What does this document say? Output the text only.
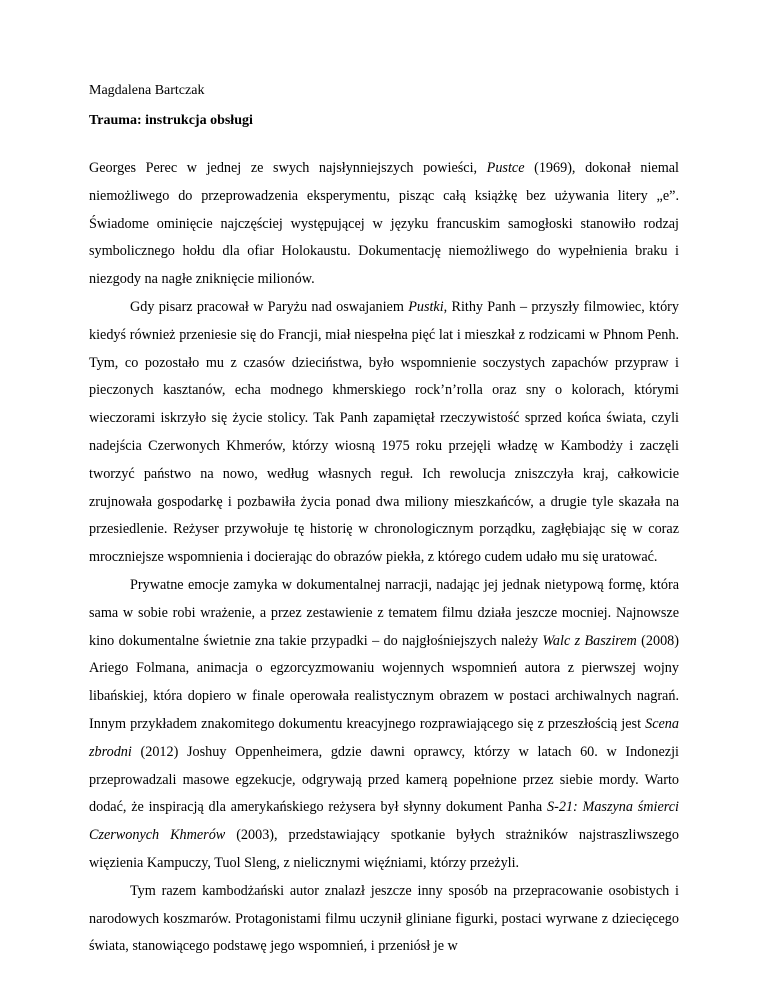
Magdalena Bartczak
Trauma: instrukcja obsługi

Georges Perec w jednej ze swych najsłynniejszych powieści, Pustce (1969), dokonał niemal niemożliwego do przeprowadzenia eksperymentu, pisząc całą książkę bez używania litery „e”. Świadome ominięcie najczęściej występującej w języku francuskim samogłoski stanowiło rodzaj symbolicznego hołdu dla ofiar Holokaustu. Dokumentację niemożliwego do wypełnienia braku i niezgody na nagłe zniknięcie milionów.

Gdy pisarz pracował w Paryżu nad oswajaniem Pustki, Rithy Panh – przyszły filmowiec, który kiedyś również przeniesie się do Francji, miał niespełna pięć lat i mieszkał z rodzicami w Phnom Penh. Tym, co pozostało mu z czasów dzieciństwa, było wspomnienie soczystych zapachów przypraw i pieczonych kasztanów, echa modnego khmerskiego rock’n’rolla oraz sny o kolorach, którymi wieczorami iskrzyło się życie stolicy. Tak Panh zapamiętał rzeczywistość sprzed końca świata, czyli nadejścia Czerwonych Khmerów, którzy wiosną 1975 roku przejęli władzę w Kambodży i zaczęli tworzyć państwo na nowo, według własnych reguł. Ich rewolucja zniszczyła kraj, całkowicie zrujnowała gospodarkę i pozbawiła życia ponad dwa miliony mieszkańców, a drugie tyle skazała na przesiedlenie. Reżyser przywołuje tę historię w chronologicznym porządku, zagłębiając się w coraz mroczniejsze wspomnienia i docierając do obrazów piekła, z którego cudem udało mu się uratować.

Prywatne emocje zamyka w dokumentalnej narracji, nadając jej jednak nietypową formę, która sama w sobie robi wrażenie, a przez zestawienie z tematem filmu działa jeszcze mocniej. Najnowsze kino dokumentalne świetnie zna takie przypadki – do najgłośniejszych należy Walc z Baszirem (2008) Ariego Folmana, animacja o egzorcyzmowaniu wojennych wspomnień autora z pierwszej wojny libańskiej, która dopiero w finale operowała realistycznym obrazem w postaci archiwalnych nagrań. Innym przykładem znakomitego dokumentu kreacyjnego rozprawiającego się z przeszłością jest Scena zbrodni (2012) Joshuy Oppenheimera, gdzie dawni oprawcy, którzy w latach 60. w Indonezji przeprowadzali masowe egzekucje, odgrywają przed kamerą popełnione przez siebie mordy. Warto dodać, że inspiracją dla amerykańskiego reżysera był słynny dokument Panha S-21: Maszyna śmierci Czerwonych Khmerów (2003), przedstawiający spotkanie byłych strażników najstraszliwszego więzienia Kampuczy, Tuol Sleng, z nielicznymi więźniami, którzy przeżyli.

Tym razem kambodżański autor znalazł jeszcze inny sposób na przepracowanie osobistych i narodowych koszmarów. Protagonistami filmu uczynił gliniane figurki, postaci wyrwane z dziecięcego świata, stanowiącego podstawę jego wspomnień, i przeniósł je w
